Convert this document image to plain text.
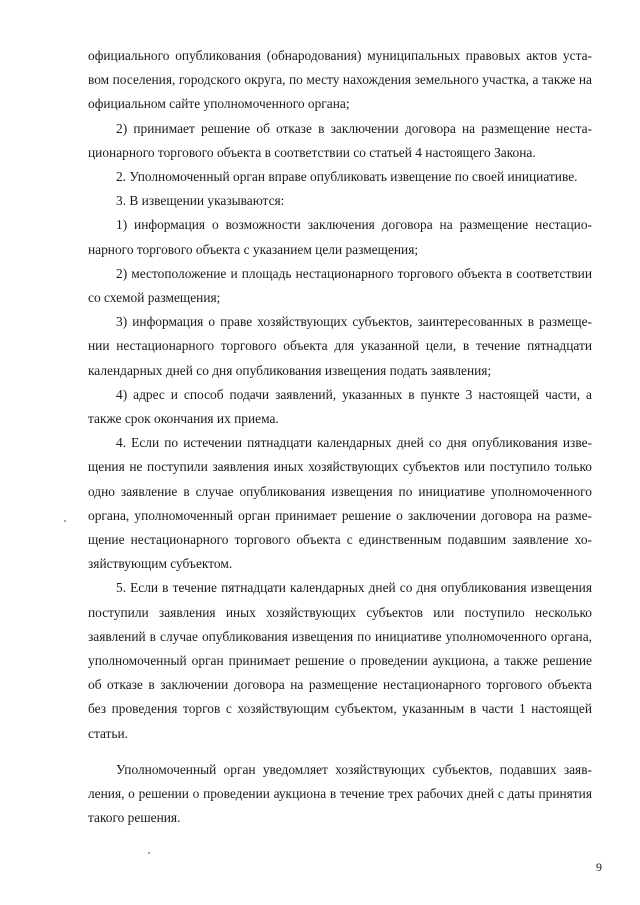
официального опубликования (обнародования) муниципальных правовых актов уставом поселения, городского округа, по месту нахождения земельного участка, а также на официальном сайте уполномоченного органа;

2) принимает решение об отказе в заключении договора на размещение нестационарного торгового объекта в соответствии со статьей 4 настоящего Закона.

2. Уполномоченный орган вправе опубликовать извещение по своей инициативе.

3. В извещении указываются:

1) информация о возможности заключения договора на размещение нестационарного торгового объекта с указанием цели размещения;

2) местоположение и площадь нестационарного торгового объекта в соответствии со схемой размещения;

3) информация о праве хозяйствующих субъектов, заинтересованных в размещении нестационарного торгового объекта для указанной цели, в течение пятнадцати календарных дней со дня опубликования извещения подать заявления;

4) адрес и способ подачи заявлений, указанных в пункте 3 настоящей части, а также срок окончания их приема.

4. Если по истечении пятнадцати календарных дней со дня опубликования извещения не поступили заявления иных хозяйствующих субъектов или поступило только одно заявление в случае опубликования извещения по инициативе уполномоченного органа, уполномоченный орган принимает решение о заключении договора на размещение нестационарного торгового объекта с единственным подавшим заявление хозяйствующим субъектом.

5. Если в течение пятнадцати календарных дней со дня опубликования извещения поступили заявления иных хозяйствующих субъектов или поступило несколько заявлений в случае опубликования извещения по инициативе уполномоченного органа, уполномоченный орган принимает решение о проведении аукциона, а также решение об отказе в заключении договора на размещение нестационарного торгового объекта без проведения торгов с хозяйствующим субъектом, указанным в части 1 настоящей статьи.

Уполномоченный орган уведомляет хозяйствующих субъектов, подавших заявления, о решении о проведении аукциона в течение трех рабочих дней с даты принятия такого решения.

9
